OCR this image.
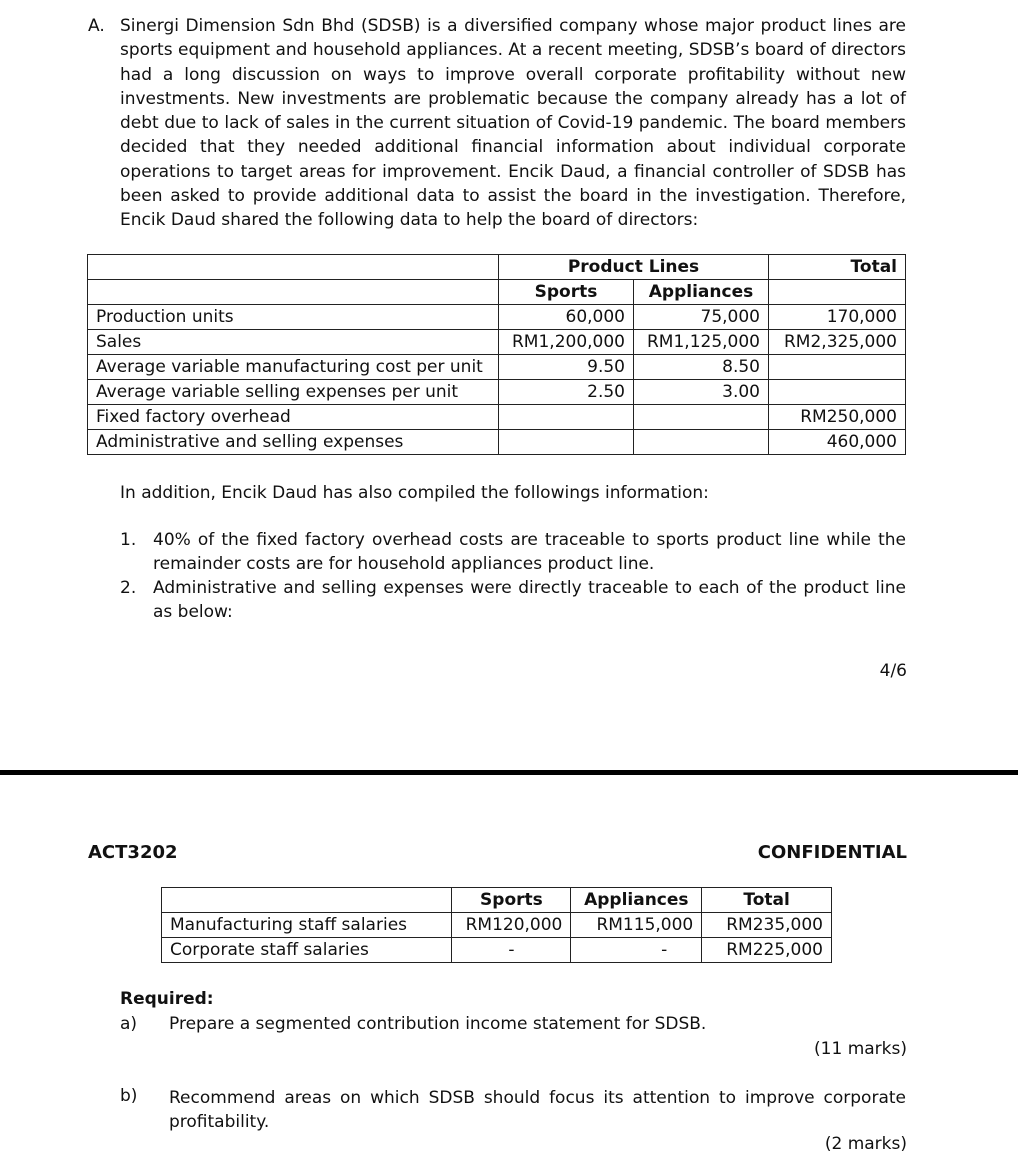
A. Sinergi Dimension Sdn Bhd (SDSB) is a diversified company whose major product lines are sports equipment and household appliances. At a recent meeting, SDSB’s board of directors had a long discussion on ways to improve overall corporate profitability without new investments. New investments are problematic because the company already has a lot of debt due to lack of sales in the current situation of Covid-19 pandemic. The board members decided that they needed additional financial information about individual corporate operations to target areas for improvement. Encik Daud, a financial controller of SDSB has been asked to provide additional data to assist the board in the investigation. Therefore, Encik Daud shared the following data to help the board of directors:

	Product Lines		Total
	Sports	Appliances	
Production units	60,000	75,000	170,000
Sales	RM1,200,000	RM1,125,000	RM2,325,000
Average variable manufacturing cost per unit	9.50	8.50	
Average variable selling expenses per unit	2.50	3.00	
Fixed factory overhead			RM250,000
Administrative and selling expenses			460,000
In addition, Encik Daud has also compiled the followings information:
1. 40% of the fixed factory overhead costs are traceable to sports product line while the remainder costs are for household appliances product line.
2. Administrative and selling expenses were directly traceable to each of the product line as below:
4/6
ACT3202	CONFIDENTIAL
	Sports	Appliances	Total
Manufacturing staff salaries	RM120,000	RM115,000	RM235,000
Corporate staff salaries	-	-	RM225,000
Required:
a) Prepare a segmented contribution income statement for SDSB.
(11 marks)
b) Recommend areas on which SDSB should focus its attention to improve corporate profitability.

(2 marks)
